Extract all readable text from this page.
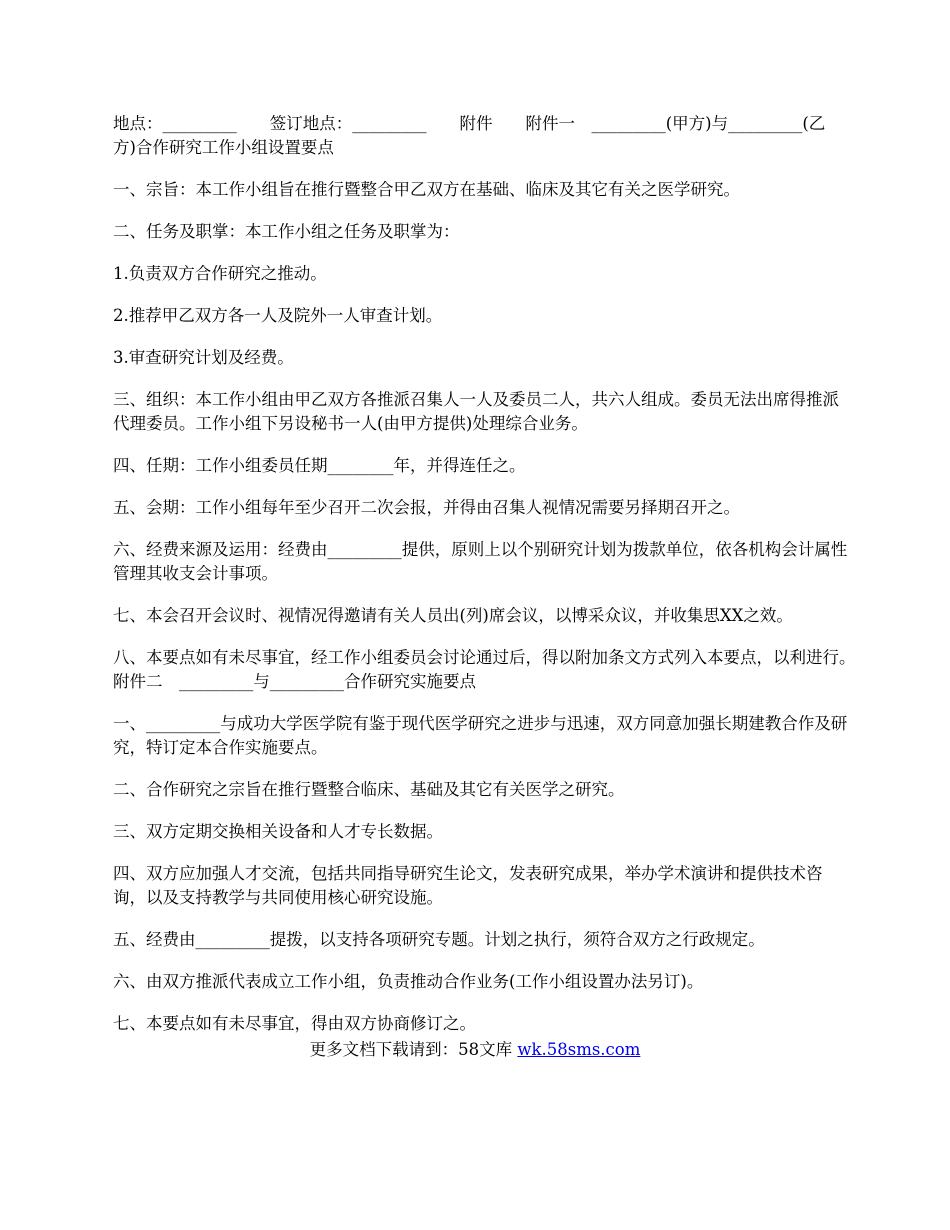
地点：_________　　签订地点：_________　　附件　　附件一　_________(甲方)与_________(乙方)合作研究工作小组设置要点

一、宗旨：本工作小组旨在推行暨整合甲乙双方在基础、临床及其它有关之医学研究。

二、任务及职掌：本工作小组之任务及职掌为：

1.负责双方合作研究之推动。

2.推荐甲乙双方各一人及院外一人审查计划。

3.审查研究计划及经费。

三、组织：本工作小组由甲乙双方各推派召集人一人及委员二人，共六人组成。委员无法出席得推派代理委员。工作小组下另设秘书一人(由甲方提供)处理综合业务。

四、任期：工作小组委员任期________年，并得连任之。

五、会期：工作小组每年至少召开二次会报，并得由召集人视情况需要另择期召开之。

六、经费来源及运用：经费由_________提供，原则上以个别研究计划为拨款单位，依各机构会计属性管理其收支会计事项。

七、本会召开会议时、视情况得邀请有关人员出(列)席会议，以博采众议，并收集思XX之效。

八、本要点如有未尽事宜，经工作小组委员会讨论通过后，得以附加条文方式列入本要点，以利进行。　　附件二　_________与_________合作研究实施要点

一、_________与成功大学医学院有鉴于现代医学研究之进步与迅速，双方同意加强长期建教合作及研究，特订定本合作实施要点。

二、合作研究之宗旨在推行暨整合临床、基础及其它有关医学之研究。

三、双方定期交换相关设备和人才专长数据。

四、双方应加强人才交流，包括共同指导研究生论文，发表研究成果，举办学术演讲和提供技术咨询，以及支持教学与共同使用核心研究设施。

五、经费由_________提拨，以支持各项研究专题。计划之执行，须符合双方之行政规定。

六、由双方推派代表成立工作小组，负责推动合作业务(工作小组设置办法另订)。

七、本要点如有未尽事宜，得由双方协商修订之。

更多文档下载请到：58文库 wk.58sms.com
